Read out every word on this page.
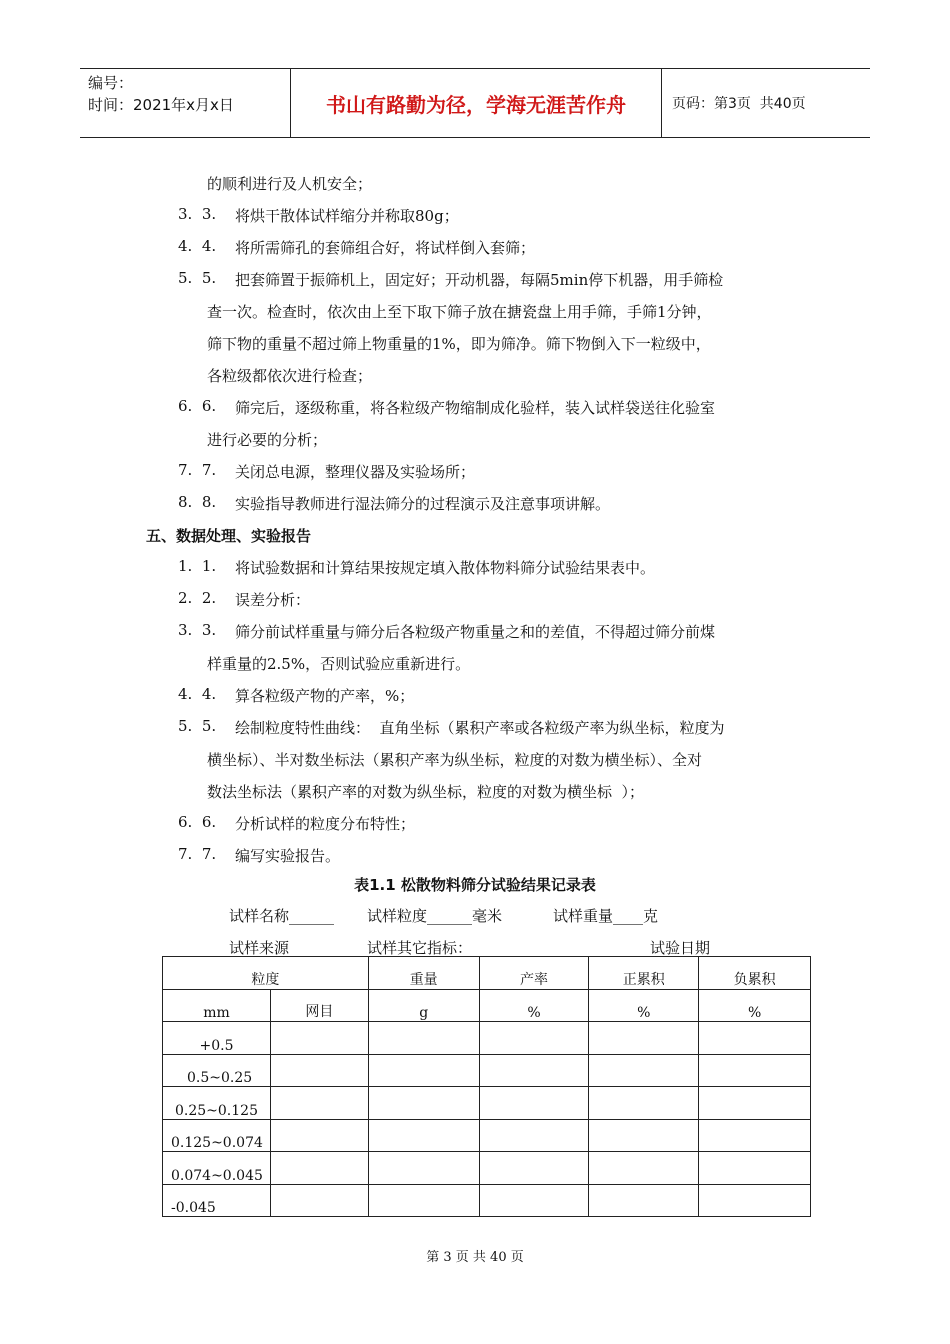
编号：
时间：2021年x月x日	书山有路勤为径，学海无涯苦作舟	页码：第3页  共40页
的顺利进行及人机安全；
3.  3.	将烘干散体试样缩分并称取80g；
4.  4.	将所需筛孔的套筛组合好，将试样倒入套筛；
5.  5.	把套筛置于振筛机上，固定好；开动机器，每隔5min停下机器，用手筛检
查一次。检查时，依次由上至下取下筛子放在搪瓷盘上用手筛，手筛1分钟，
筛下物的重量不超过筛上物重量的1%，即为筛净。筛下物倒入下一粒级中，
各粒级都依次进行检查；
6.  6.	筛完后，逐级称重，将各粒级产物缩制成化验样，装入试样袋送往化验室
进行必要的分析；
7.  7.	关闭总电源，整理仪器及实验场所；
8.  8.	实验指导教师进行湿法筛分的过程演示及注意事项讲解。
五、数据处理、实验报告
1.  1.	将试验数据和计算结果按规定填入散体物料筛分试验结果表中。
2.  2.	误差分析：
3.  3.	筛分前试样重量与筛分后各粒级产物重量之和的差值，不得超过筛分前煤
样重量的2.5%，否则试验应重新进行。
4.  4.	算各粒级产物的产率，%；
5.  5.	绘制粒度特性曲线：  直角坐标（累积产率或各粒级产率为纵坐标，粒度为
横坐标）、半对数坐标法（累积产率为纵坐标，粒度的对数为横坐标）、全对
数法坐标法（累积产率的对数为纵坐标，粒度的对数为横坐标  ）；
6.  6.	分析试样的粒度分布特性；
7.  7.	编写实验报告。
表1.1 松散物料筛分试验结果记录表
试样名称______ 试样粒度______毫米	试样重量____克
试样来源______ 试样其它指标：	试验日期_____
粒度		重量	产率	正累积	负累积
mm	网目	g	%	%	%
+0.5					
0.5~0.25					
0.25~0.125					
0.125~0.074					
0.074~0.045					
-0.045					
第 3 页 共 40 页
